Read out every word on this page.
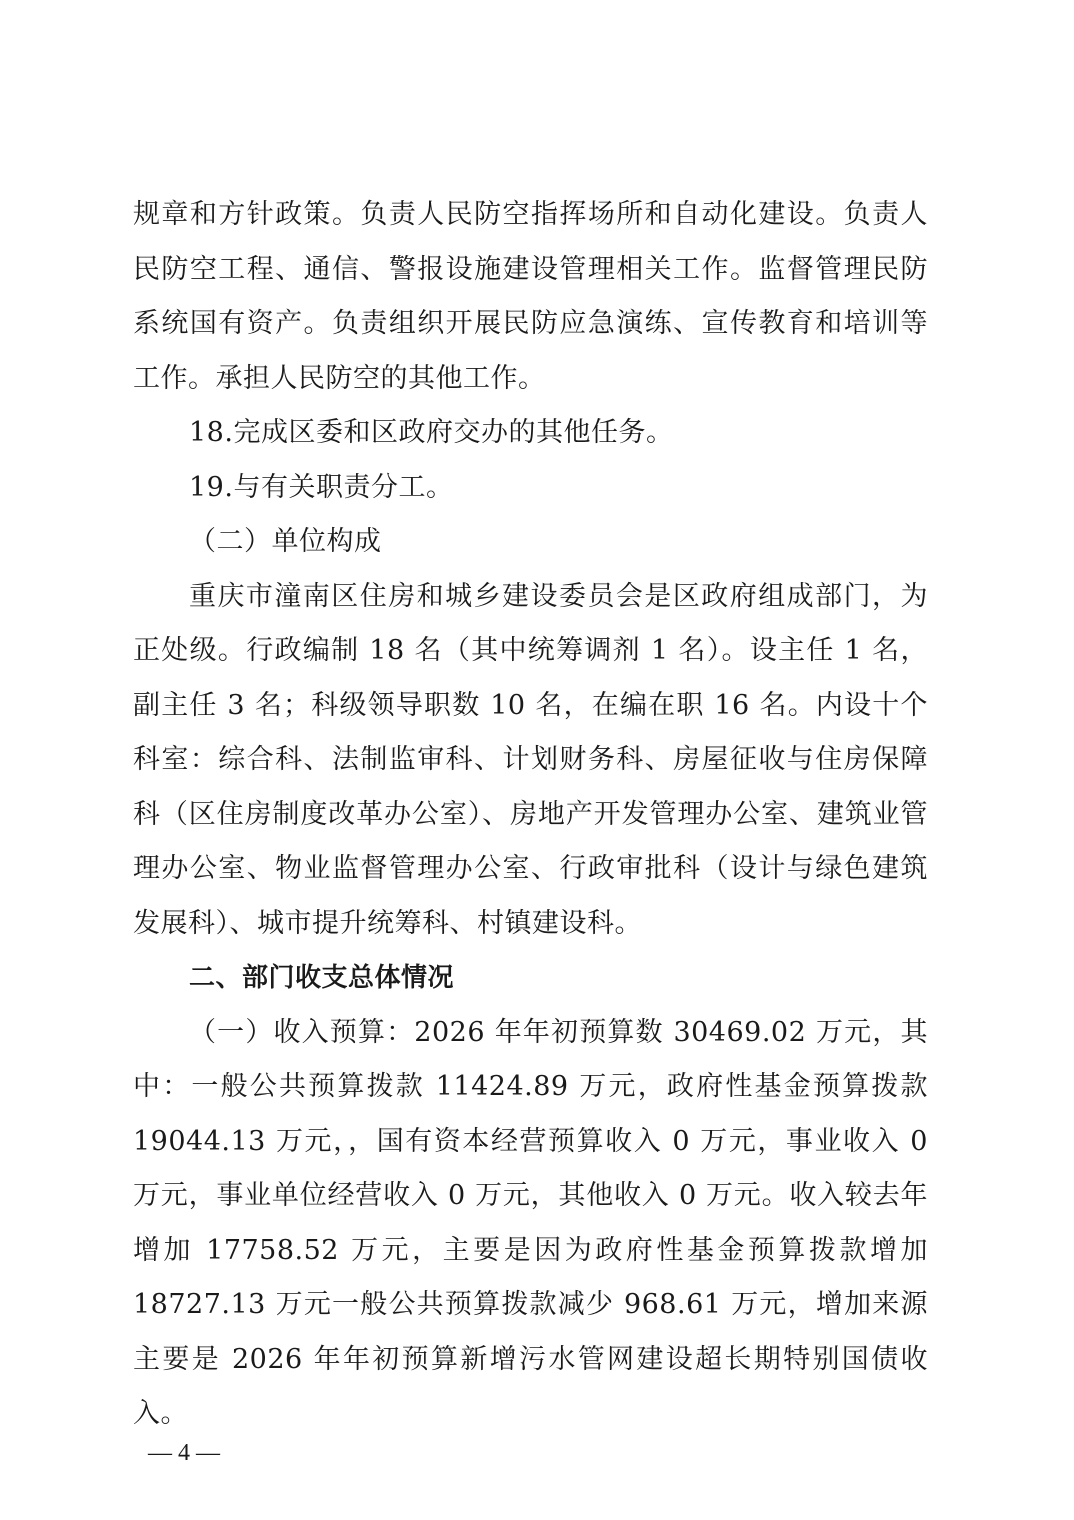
规章和方针政策。负责人民防空指挥场所和自动化建设。负责人民防空工程、通信、警报设施建设管理相关工作。监督管理民防系统国有资产。负责组织开展民防应急演练、宣传教育和培训等工作。承担人民防空的其他工作。

18.完成区委和区政府交办的其他任务。

19.与有关职责分工。

（二）单位构成

重庆市潼南区住房和城乡建设委员会是区政府组成部门，为正处级。行政编制 18 名（其中统筹调剂 1 名）。设主任 1 名，副主任 3 名；科级领导职数 10 名，在编在职 16 名。内设十个科室：综合科、法制监审科、计划财务科、房屋征收与住房保障科（区住房制度改革办公室）、房地产开发管理办公室、建筑业管理办公室、物业监督管理办公室、行政审批科（设计与绿色建筑发展科）、城市提升统筹科、村镇建设科。

二、部门收支总体情况

（一）收入预算：2026 年年初预算数 30469.02 万元，其中：一般公共预算拨款 11424.89 万元，政府性基金预算拨款 19044.13 万元，，国有资本经营预算收入 0 万元，事业收入 0 万元，事业单位经营收入 0 万元，其他收入 0 万元。收入较去年增加 17758.52 万元，主要是因为政府性基金预算拨款增加 18727.13 万元一般公共预算拨款减少 968.61 万元，增加来源主要是 2026 年年初预算新增污水管网建设超长期特别国债收入。

— 4 —
